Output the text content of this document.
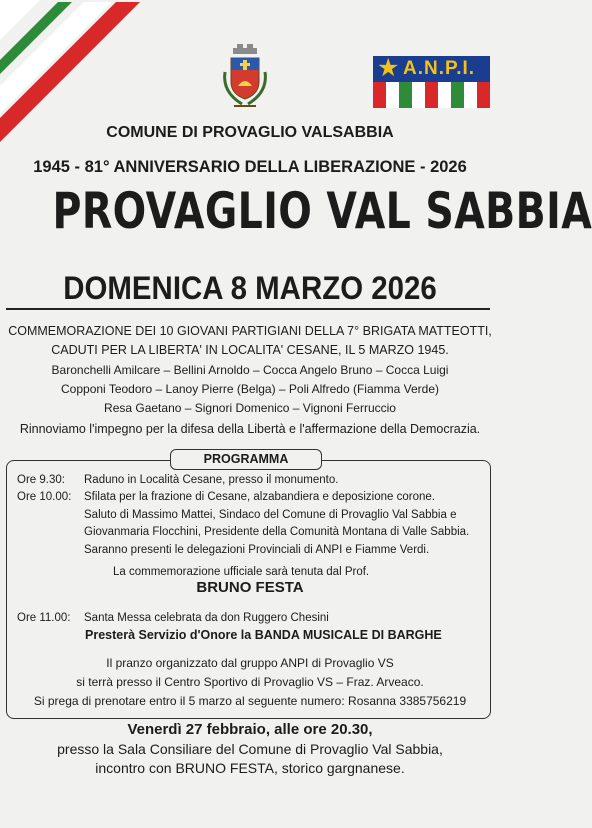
★ A.N.P.I.
COMUNE DI PROVAGLIO VALSABBIA
1945 - 81° ANNIVERSARIO DELLA LIBERAZIONE - 2026
PROVAGLIO VAL SABBIA
DOMENICA 8 MARZO 2026
COMMEMORAZIONE DEI 10 GIOVANI PARTIGIANI DELLA 7° BRIGATA MATTEOTTI,
CADUTI PER LA LIBERTA' IN LOCALITA' CESANE, IL 5 MARZO 1945.
Baronchelli Amilcare – Bellini Arnoldo – Cocca Angelo Bruno – Cocca Luigi
Copponi Teodoro – Lanoy Pierre (Belga) – Poli Alfredo (Fiamma Verde)
Resa Gaetano – Signori Domenico – Vignoni Ferruccio
Rinnoviamo l'impegno per la difesa della Libertà e l'affermazione della Democrazia.
PROGRAMMA
Ore 9.30: Raduno in Località Cesane, presso il monumento.
Ore 10.00: Sfilata per la frazione di Cesane, alzabandiera e deposizione corone.
Saluto di Massimo Mattei, Sindaco del Comune di Provaglio Val Sabbia e
Giovanmaria Flocchini, Presidente della Comunità Montana di Valle Sabbia.
Saranno presenti le delegazioni Provinciali di ANPI e Fiamme Verdi.
La commemorazione ufficiale sarà tenuta dal Prof.
BRUNO FESTA
Ore 11.00: Santa Messa celebrata da don Ruggero Chesini
Presterà Servizio d'Onore la BANDA MUSICALE DI BARGHE
Il pranzo organizzato dal gruppo ANPI di Provaglio VS
si terrà presso il Centro Sportivo di Provaglio VS – Fraz. Arveaco.
Si prega di prenotare entro il 5 marzo al seguente numero: Rosanna 3385756219
Venerdì 27 febbraio, alle ore 20.30,
presso la Sala Consiliare del Comune di Provaglio Val Sabbia,
incontro con BRUNO FESTA, storico gargnanese.
